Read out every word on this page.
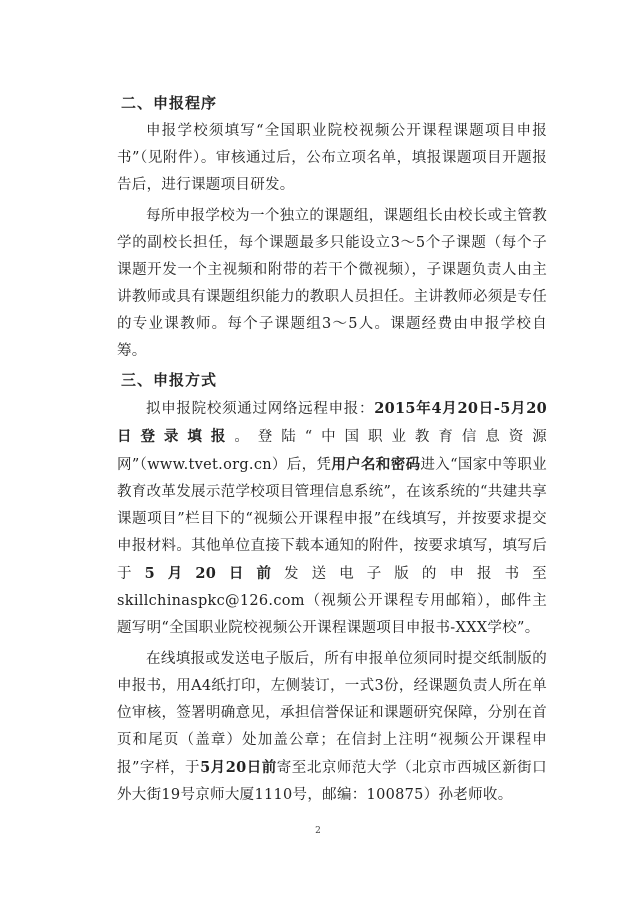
二、申报程序

申报学校须填写“全国职业院校视频公开课程课题项目申报书”（见附件）。审核通过后，公布立项名单，填报课题项目开题报告后，进行课题项目研发。

每所申报学校为一个独立的课题组，课题组长由校长或主管教学的副校长担任，每个课题最多只能设立3～5个子课题（每个子课题开发一个主视频和附带的若干个微视频），子课题负责人由主讲教师或具有课题组织能力的教职人员担任。主讲教师必须是专任的专业课教师。每个子课题组3～5人。课题经费由申报学校自筹。

三、申报方式

拟申报院校须通过网络远程申报：2015年4月20日-5月20日登录填报。登陆“中国职业教育信息资源网”（www.tvet.org.cn）后，凭用户名和密码进入“国家中等职业教育改革发展示范学校项目管理信息系统”，在该系统的“共建共享课题项目”栏目下的“视频公开课程申报”在线填写，并按要求提交申报材料。其他单位直接下载本通知的附件，按要求填写，填写后于5月20日前发送电子版的申报书至 skillchinaspkc@126.com（视频公开课程专用邮箱），邮件主题写明“全国职业院校视频公开课程课题项目申报书-XXX学校”。

在线填报或发送电子版后，所有申报单位须同时提交纸制版的申报书，用A4纸打印，左侧装订，一式3份，经课题负责人所在单位审核，签署明确意见，承担信誉保证和课题研究保障，分别在首页和尾页（盖章）处加盖公章；在信封上注明“视频公开课程申报”字样，于5月20日前寄至北京师范大学（北京市西城区新街口外大街19号京师大厦1110号，邮编：100875）孙老师收。

2
